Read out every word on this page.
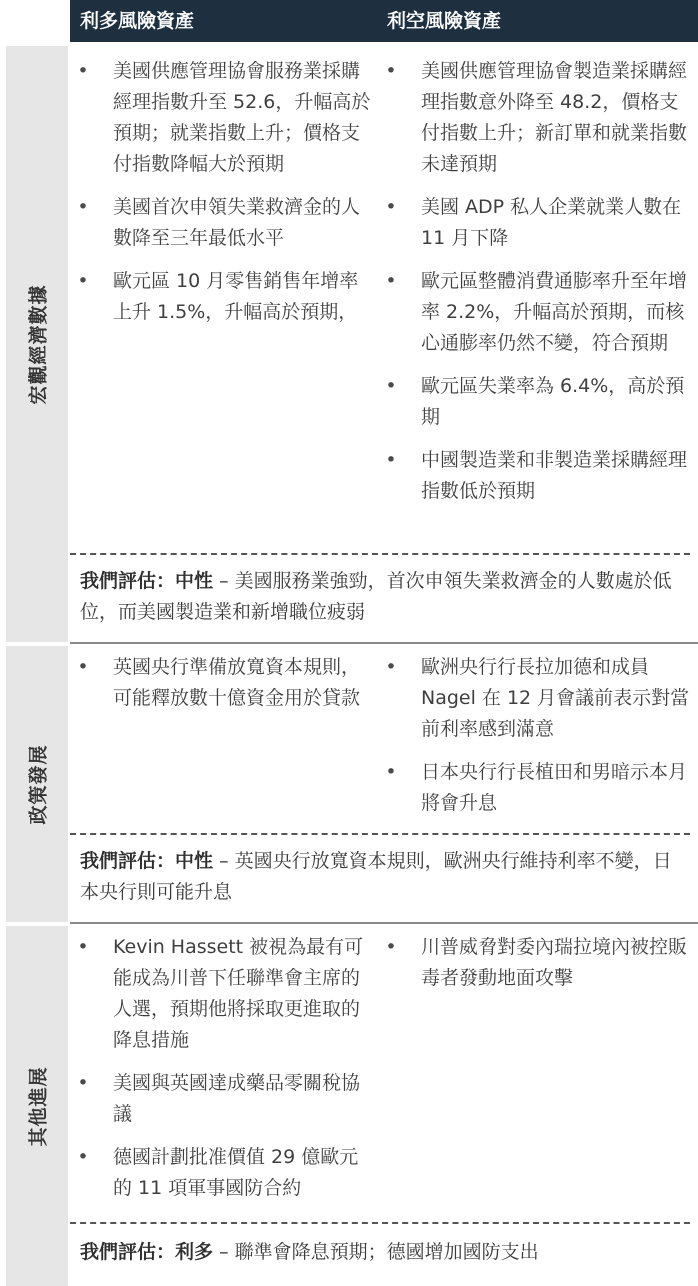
利多風險資產	利空風險資產
宏觀經濟數據
• 美國供應管理協會服務業採購經理指數升至 52.6，升幅高於預期；就業指數上升；價格支付指數降幅大於預期
• 美國首次申領失業救濟金的人數降至三年最低水平
• 歐元區 10 月零售銷售年增率上升 1.5%，升幅高於預期，
• 美國供應管理協會製造業採購經理指數意外降至 48.2，價格支付指數上升；新訂單和就業指數未達預期
• 美國 ADP 私人企業就業人數在 11 月下降
• 歐元區整體消費通膨率升至年增率 2.2%，升幅高於預期，而核心通膨率仍然不變，符合預期
• 歐元區失業率為 6.4%，高於預期
• 中國製造業和非製造業採購經理指數低於預期
我們評估：中性 – 美國服務業強勁，首次申領失業救濟金的人數處於低位，而美國製造業和新增職位疲弱
政策發展
• 英國央行準備放寬資本規則，可能釋放數十億資金用於貸款
• 歐洲央行行長拉加德和成員 Nagel 在 12 月會議前表示對當前利率感到滿意
• 日本央行行長植田和男暗示本月將會升息
我們評估：中性 – 英國央行放寬資本規則，歐洲央行維持利率不變，日本央行則可能升息
其他進展
• Kevin Hassett 被視為最有可能成為川普下任聯準會主席的人選，預期他將採取更進取的降息措施
• 美國與英國達成藥品零關稅協議
• 德國計劃批准價值 29 億歐元的 11 項軍事國防合約
• 川普威脅對委內瑞拉境內被控販毒者發動地面攻擊
我們評估：利多 – 聯準會降息預期；德國增加國防支出
